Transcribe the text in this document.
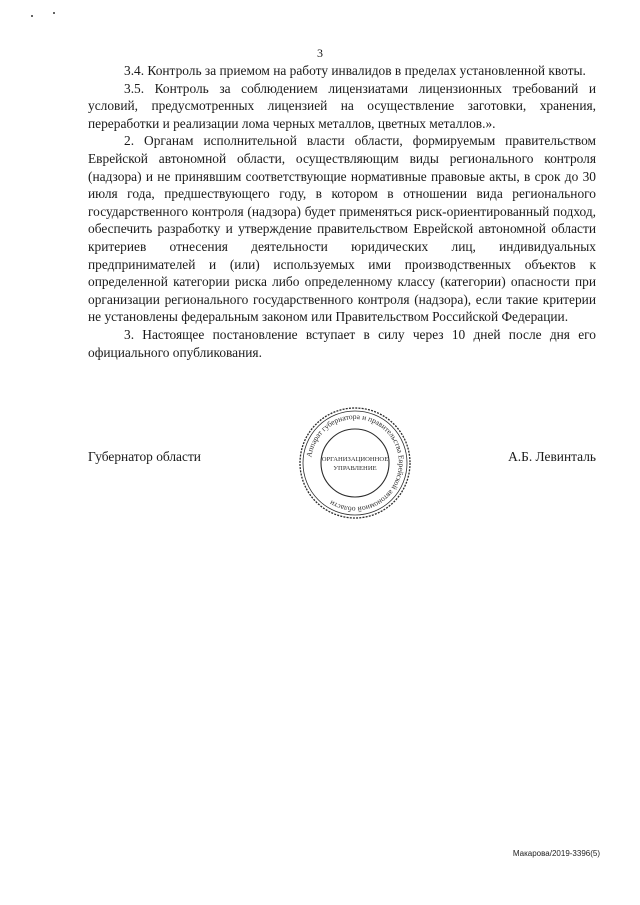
3

3.4. Контроль за приемом на работу инвалидов в пределах установленной квоты.

3.5. Контроль за соблюдением лицензиатами лицензионных требований и условий, предусмотренных лицензией на осуществление заготовки, хранения, переработки и реализации лома черных металлов, цветных металлов.».

2. Органам исполнительной власти области, формируемым правительством Еврейской автономной области, осуществляющим виды регионального контроля (надзора) и не принявшим соответствующие нормативные правовые акты, в срок до 30 июля года, предшествующего году, в котором в отношении вида регионального государственного контроля (надзора) будет применяться риск-ориентированный подход, обеспечить разработку и утверждение правительством Еврейской автономной области критериев отнесения деятельности юридических лиц, индивидуальных предпринимателей и (или) используемых ими производственных объектов к определенной категории риска либо определенному классу (категории) опасности при организации регионального государственного контроля (надзора), если такие критерии не установлены федеральным законом или Правительством Российской Федерации.

3. Настоящее постановление вступает в силу через 10 дней после дня его официального опубликования.

Губернатор области	Аппарат губернатора и правительства Еврейской автономной области
ОРГАНИЗАЦИОННОЕ
УПРАВЛЕНИЕ
А.Б. Левинталь
Макарова/2019-3396(5)
